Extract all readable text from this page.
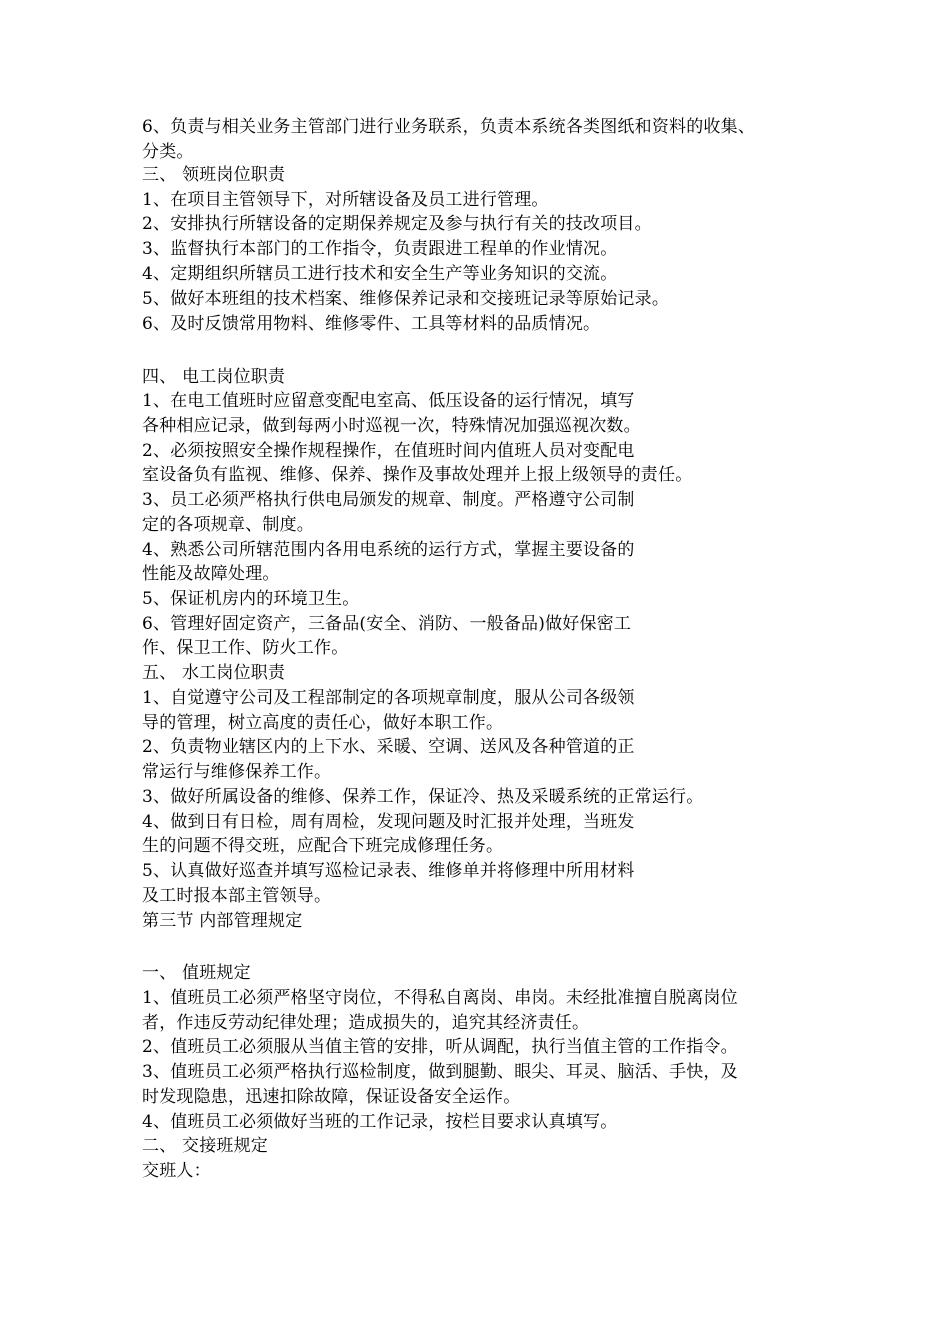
6、负责与相关业务主管部门进行业务联系，负责本系统各类图纸和资料的收集、
分类。
三、 领班岗位职责
1、在项目主管领导下，对所辖设备及员工进行管理。
2、安排执行所辖设备的定期保养规定及参与执行有关的技改项目。
3、监督执行本部门的工作指令，负责跟进工程单的作业情况。
4、定期组织所辖员工进行技术和安全生产等业务知识的交流。
5、做好本班组的技术档案、维修保养记录和交接班记录等原始记录。
6、及时反馈常用物料、维修零件、工具等材料的品质情况。
四、 电工岗位职责
1、在电工值班时应留意变配电室高、低压设备的运行情况，填写
各种相应记录，做到每两小时巡视一次，特殊情况加强巡视次数。
2、必须按照安全操作规程操作，在值班时间内值班人员对变配电
室设备负有监视、维修、保养、操作及事故处理并上报上级领导的责任。
3、员工必须严格执行供电局颁发的规章、制度。严格遵守公司制
定的各项规章、制度。
4、熟悉公司所辖范围内各用电系统的运行方式，掌握主要设备的
性能及故障处理。
5、保证机房内的环境卫生。
6、管理好固定资产，三备品(安全、消防、一般备品)做好保密工
作、保卫工作、防火工作。
五、 水工岗位职责
1、自觉遵守公司及工程部制定的各项规章制度，服从公司各级领
导的管理，树立高度的责任心，做好本职工作。
2、负责物业辖区内的上下水、采暖、空调、送风及各种管道的正
常运行与维修保养工作。
3、做好所属设备的维修、保养工作，保证冷、热及采暖系统的正常运行。
4、做到日有日检，周有周检，发现问题及时汇报并处理，当班发
生的问题不得交班，应配合下班完成修理任务。
5、认真做好巡查并填写巡检记录表、维修单并将修理中所用材料
及工时报本部主管领导。
第三节 内部管理规定
一、 值班规定
1、值班员工必须严格坚守岗位，不得私自离岗、串岗。未经批准擅自脱离岗位
者，作违反劳动纪律处理；造成损失的，追究其经济责任。
2、值班员工必须服从当值主管的安排，听从调配，执行当值主管的工作指令。
3、值班员工必须严格执行巡检制度，做到腿勤、眼尖、耳灵、脑活、手快，及
时发现隐患，迅速扣除故障，保证设备安全运作。
4、值班员工必须做好当班的工作记录，按栏目要求认真填写。
二、 交接班规定
交班人：
